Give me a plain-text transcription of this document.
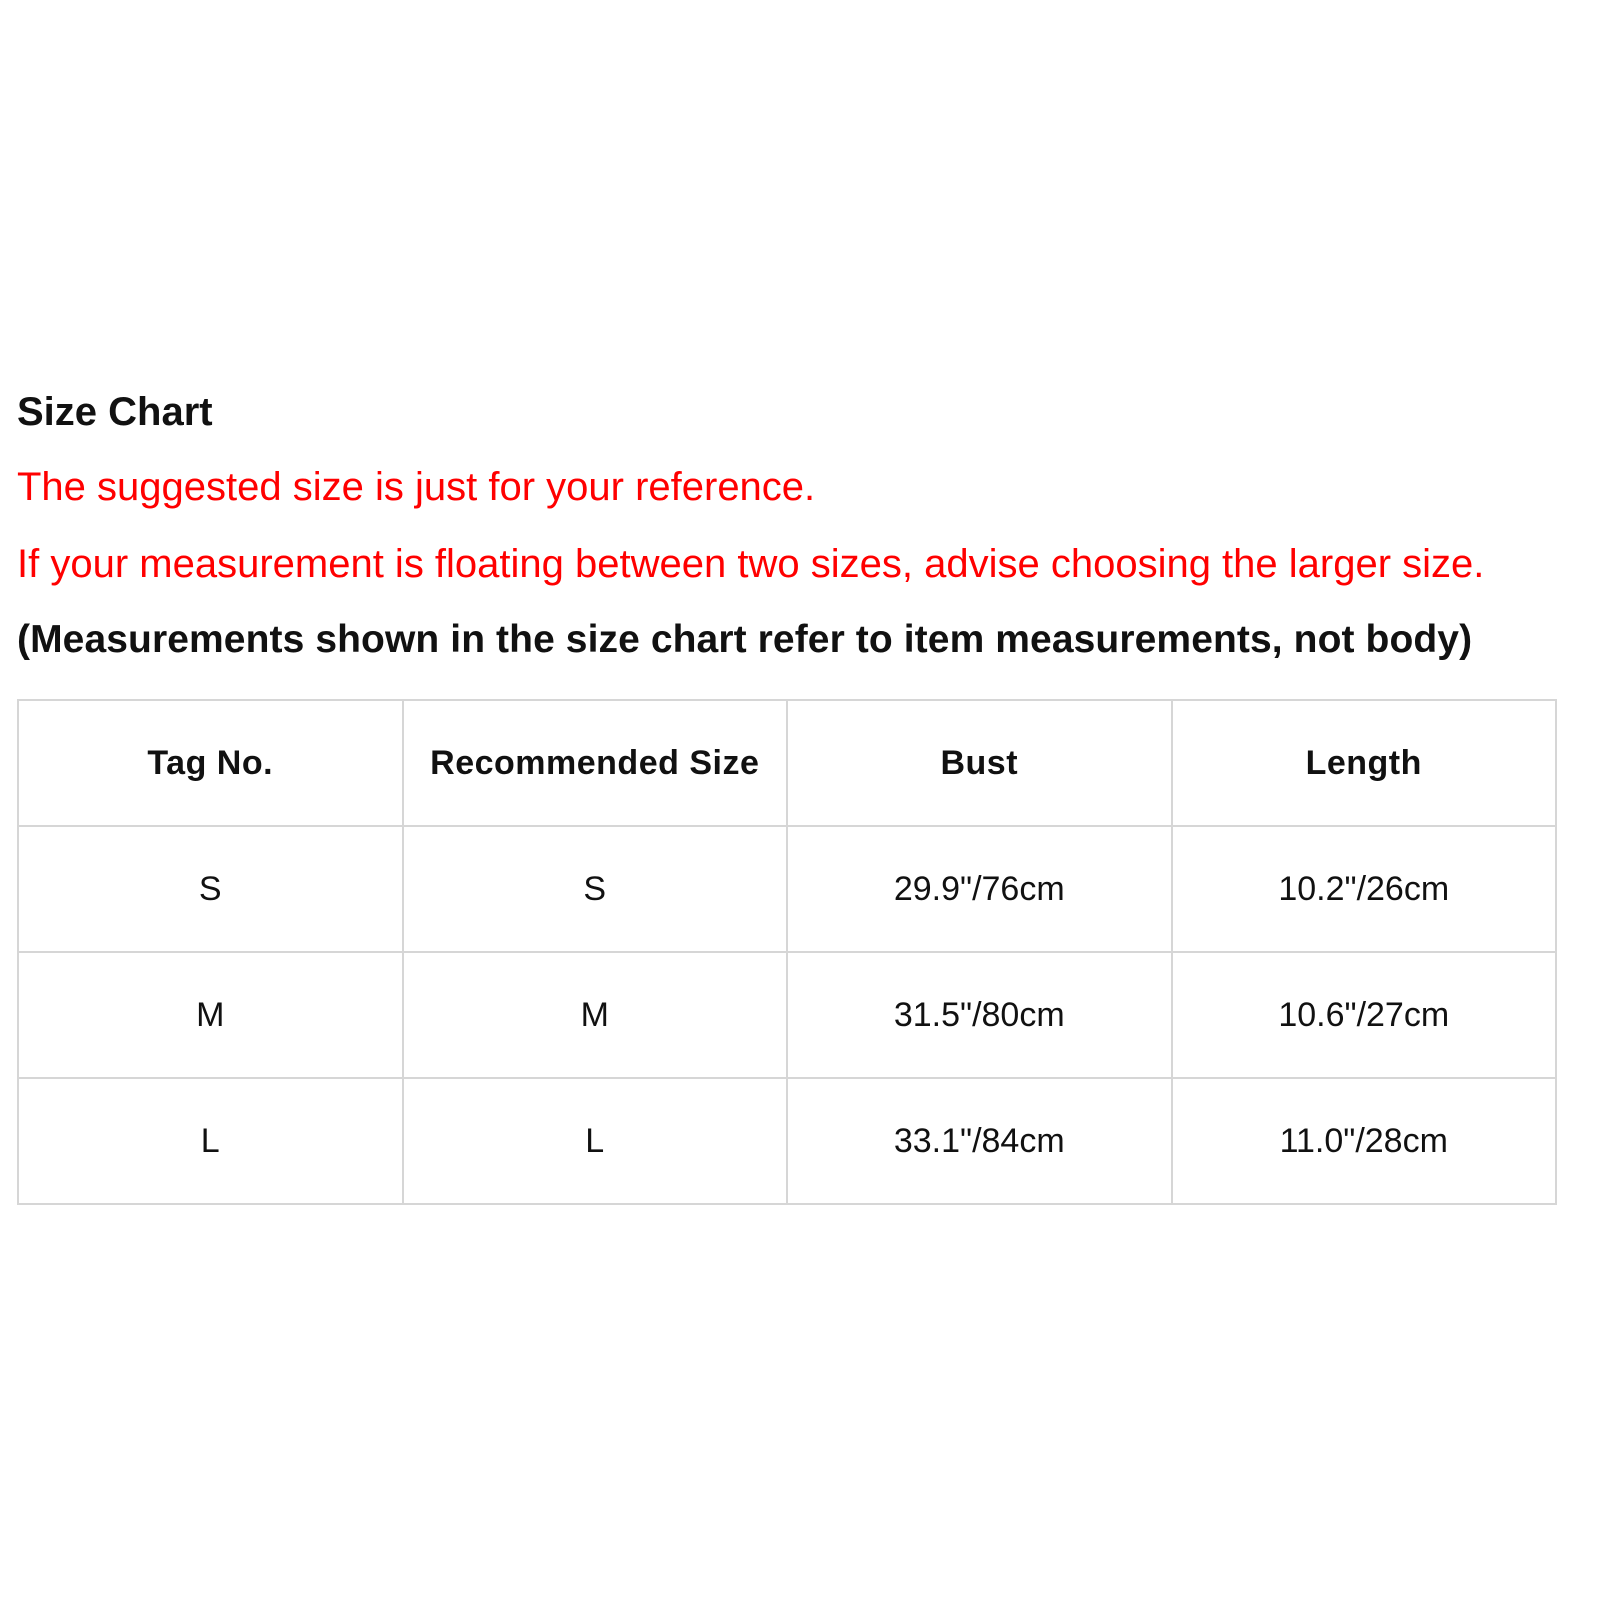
Size Chart
The suggested size is just for your reference.
If your measurement is floating between two sizes, advise choosing the larger size.
(Measurements shown in the size chart refer to item measurements, not body)
Tag No.	Recommended Size	Bust	Length
S	S	29.9"/76cm	10.2"/26cm
M	M	31.5"/80cm	10.6"/27cm
L	L	33.1"/84cm	11.0"/28cm
